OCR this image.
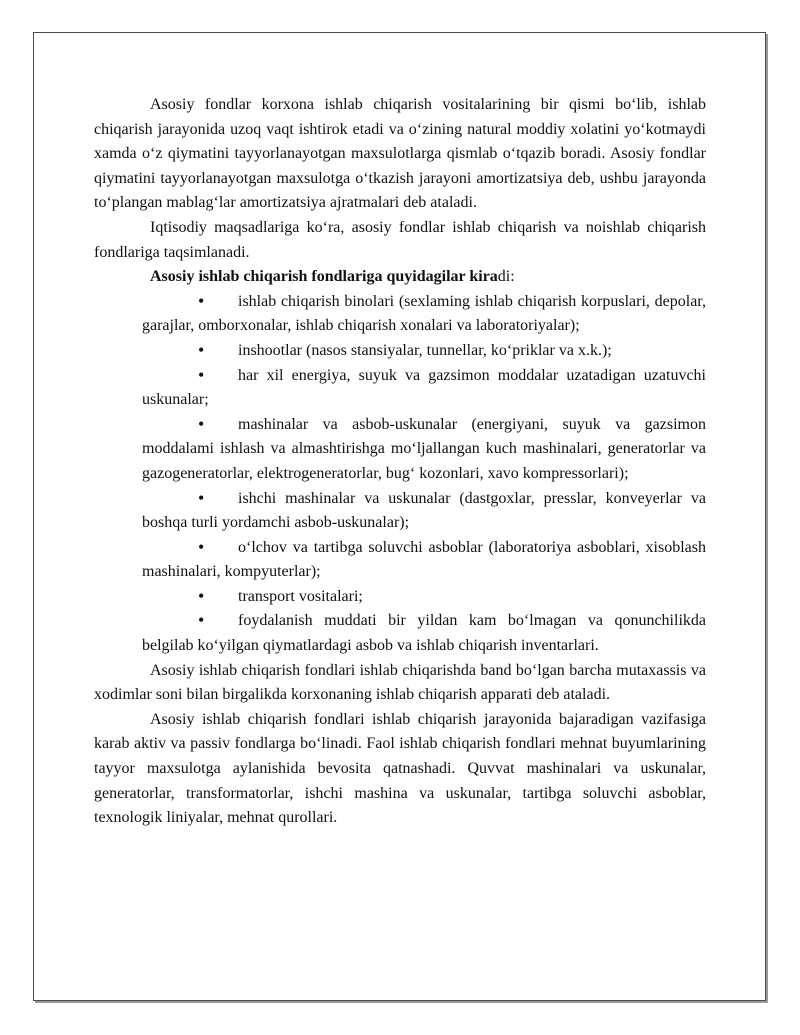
Asosiy fondlar korxona ishlab chiqarish vositalarining bir qismi bo‘lib, ishlab chiqarish jarayonida uzoq vaqt ishtirok etadi va o‘zining natural moddiy xolatini yo‘kotmaydi xamda o‘z qiymatini tayyorlanayotgan maxsulotlarga qismlab o‘tqazib boradi. Asosiy fondlar qiymatini tayyorlanayotgan maxsulotga o‘tkazish jarayoni amortizatsiya deb, ushbu jarayonda to‘plangan mablag‘lar amortizatsiya ajratmalari deb ataladi.

Iqtisodiy maqsadlariga ko‘ra, asosiy fondlar ishlab chiqarish va noishlab chiqarish fondlariga taqsimlanadi.

Asosiy ishlab chiqarish fondlariga quyidagilar kiradi:

ishlab chiqarish binolari (sexlaming ishlab chiqarish korpuslari, depolar, garajlar, omborxonalar, ishlab chiqarish xonalari va laboratoriyalar);
inshootlar (nasos stansiyalar, tunnellar, ko‘priklar va x.k.);
har xil energiya, suyuk va gazsimon moddalar uzatadigan uzatuvchi uskunalar;
mashinalar va asbob-uskunalar (energiyani, suyuk va gazsimon moddalami ishlash va almashtirishga mo‘ljallangan kuch mashinalari, generatorlar va gazogeneratorlar, elektrogeneratorlar, bug‘ kozonlari, xavo kompressorlari);
ishchi mashinalar va uskunalar (dastgoxlar, presslar, konveyerlar va boshqa turli yordamchi asbob-uskunalar);
o‘lchov va tartibga soluvchi asboblar (laboratoriya asboblari, xisoblash mashinalari, kompyuterlar);
transport vositalari;
foydalanish muddati bir yildan kam bo‘lmagan va qonunchilikda belgilab ko‘yilgan qiymatlardagi asbob va ishlab chiqarish inventarlari.

Asosiy ishlab chiqarish fondlari ishlab chiqarishda band bo‘lgan barcha mutaxassis va xodimlar soni bilan birgalikda korxonaning ishlab chiqarish apparati deb ataladi.

Asosiy ishlab chiqarish fondlari ishlab chiqarish jarayonida bajaradigan vazifasiga karab aktiv va passiv fondlarga bo‘linadi. Faol ishlab chiqarish fondlari mehnat buyumlarining tayyor maxsulotga aylanishida bevosita qatnashadi. Quvvat mashinalari va uskunalar, generatorlar, transformatorlar, ishchi mashina va uskunalar, tartibga soluvchi asboblar, texnologik liniyalar, mehnat qurollari.
